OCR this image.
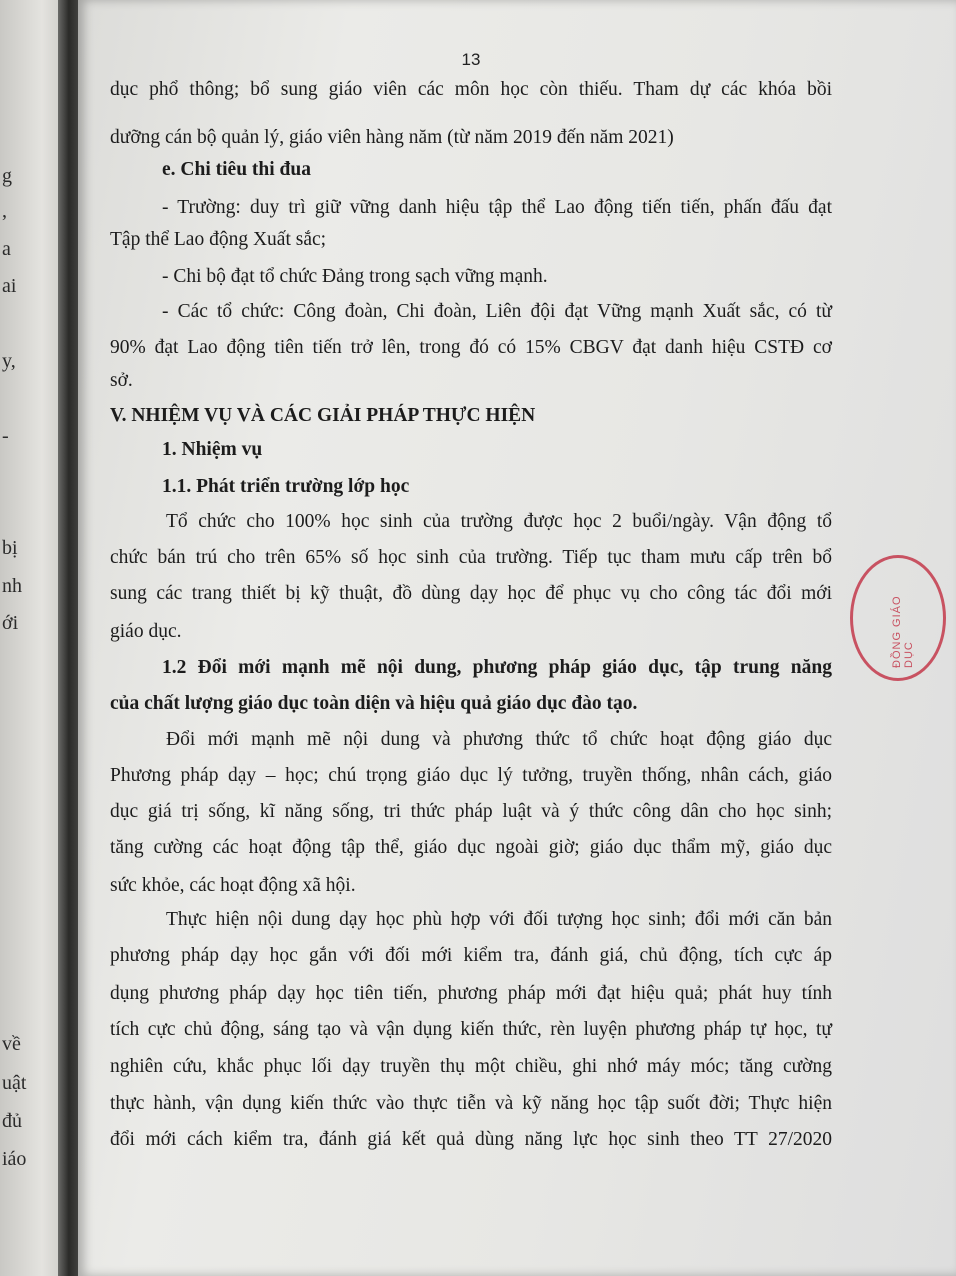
g
,
a
ai
y,
-
bị
nh
ới
về
uật
đủ
iáo
13
dục phổ thông; bổ sung giáo viên các môn học còn thiếu. Tham dự các khóa bồi
dưỡng cán bộ quản lý, giáo viên hàng năm (từ năm 2019 đến năm 2021)
e. Chi tiêu thi đua
- Trường: duy trì giữ vững danh hiệu tập thể Lao động tiến tiến, phấn đấu đạt
Tập thể Lao động Xuất sắc;
- Chi bộ đạt tổ chức Đảng trong sạch vững mạnh.
- Các tổ chức: Công đoàn, Chi đoàn, Liên đội đạt Vững mạnh Xuất sắc, có từ
90% đạt Lao động tiên tiến trở lên, trong đó có 15% CBGV đạt danh hiệu CSTĐ cơ
sở.
V. NHIỆM VỤ VÀ CÁC GIẢI PHÁP THỰC HIỆN
1. Nhiệm vụ
1.1. Phát triển trường lớp học
Tổ chức cho 100% học sinh của trường được học 2 buổi/ngày. Vận động tổ
chức bán trú cho trên 65% số học sinh của trường. Tiếp tục tham mưu cấp trên bổ
sung các trang thiết bị kỹ thuật, đồ dùng dạy học để phục vụ cho công tác đổi mới
giáo dục.
1.2 Đổi mới mạnh mẽ nội dung, phương pháp giáo dục, tập trung năng
của chất lượng giáo dục toàn diện và hiệu quả giáo dục đào tạo.
Đổi mới mạnh mẽ nội dung và phương thức tổ chức hoạt động giáo dục
Phương pháp dạy – học; chú trọng giáo dục lý tưởng, truyền thống, nhân cách, giáo
dục giá trị sống, kĩ năng sống, tri thức pháp luật và ý thức công dân cho học sinh;
tăng cường các hoạt động tập thể, giáo dục ngoài giờ; giáo dục thẩm mỹ, giáo dục
sức khỏe, các hoạt động xã hội.
Thực hiện nội dung dạy học phù hợp với đối tượng học sinh; đổi mới căn bản
phương pháp dạy học gắn với đối mới kiểm tra, đánh giá, chủ động, tích cực áp
dụng phương pháp dạy học tiên tiến, phương pháp mới đạt hiệu quả; phát huy tính
tích cực chủ động, sáng tạo và vận dụng kiến thức, rèn luyện phương pháp tự học, tự
nghiên cứu, khắc phục lối dạy truyền thụ một chiều, ghi nhớ máy móc; tăng cường
thực hành, vận dụng kiến thức vào thực tiễn và kỹ năng học tập suốt đời; Thực hiện
đổi mới cách kiểm tra, đánh giá kết quả dùng năng lực học sinh theo TT 27/2020
ĐỒNG GIÁO DỤC
